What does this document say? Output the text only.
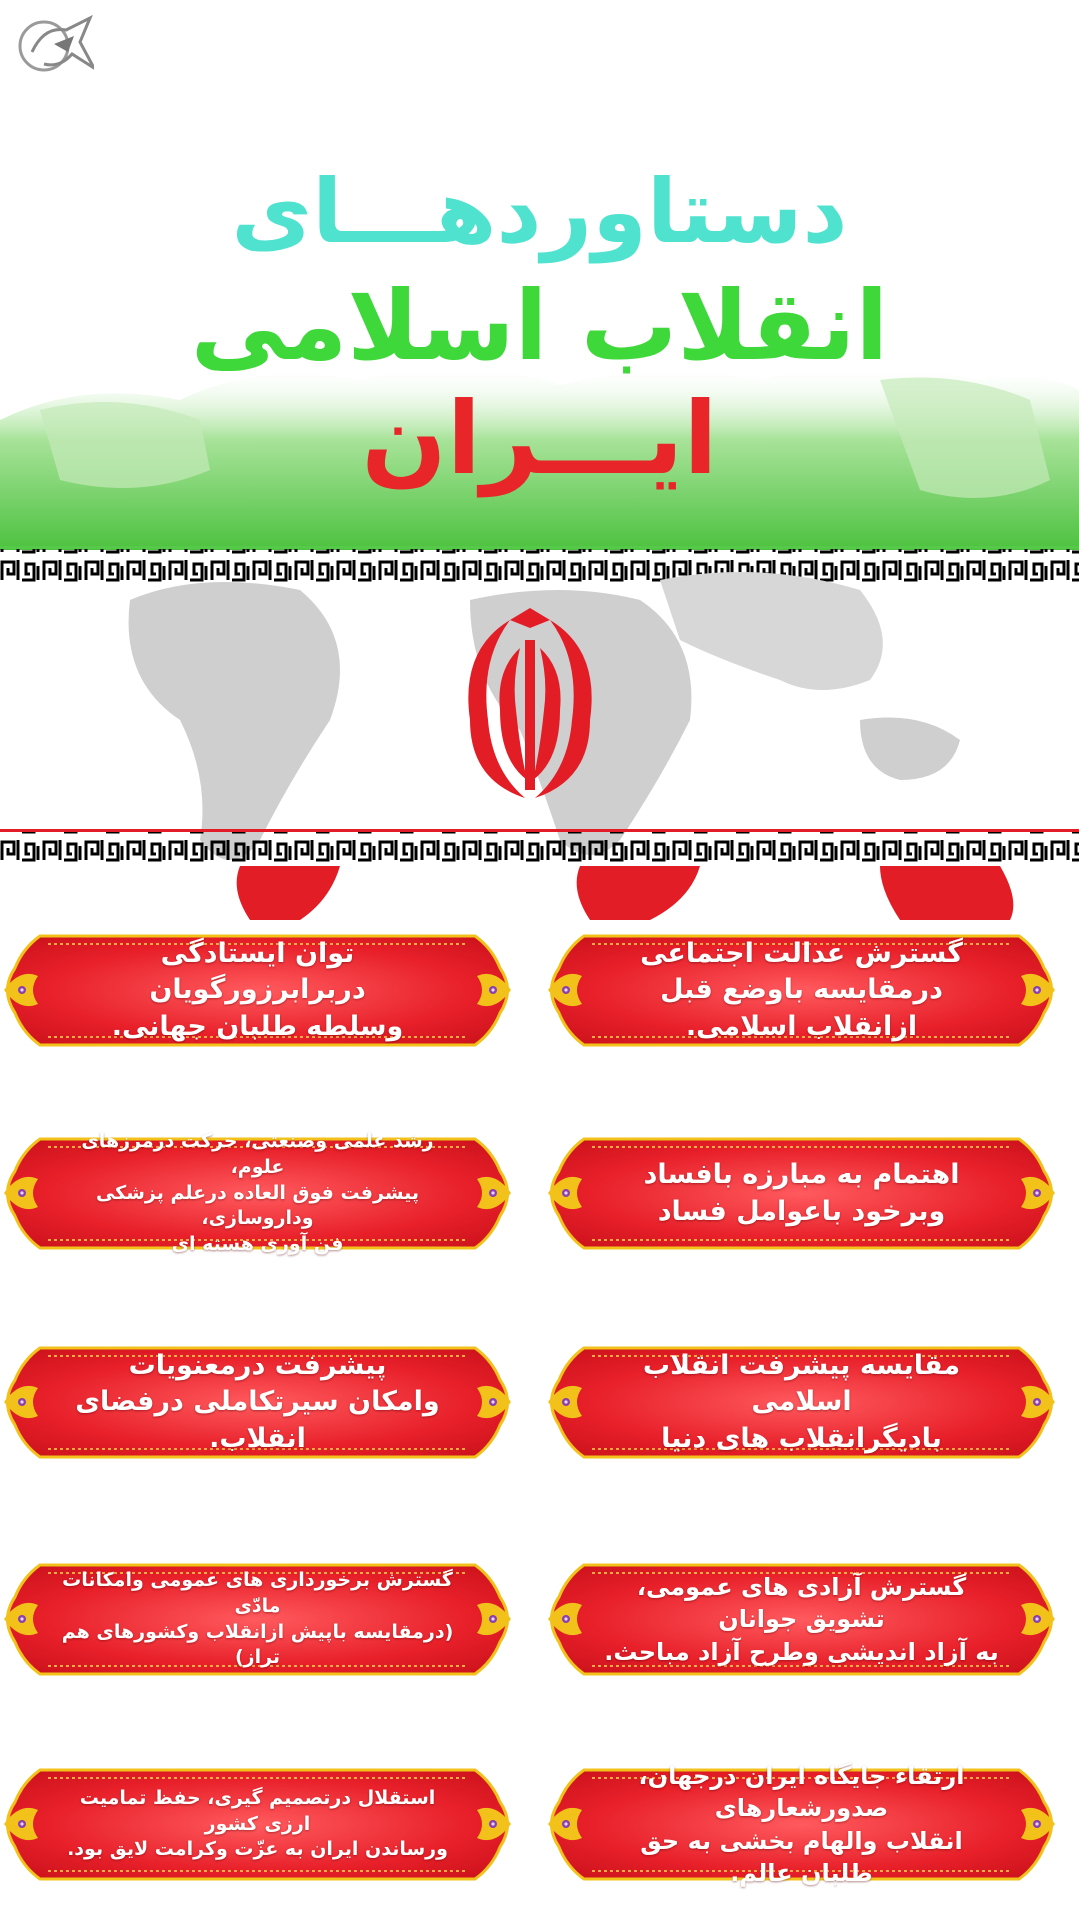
دستاوردهـــای
انقلاب اسلامی
ایـــران
گسترش عدالت اجتماعی
درمقایسه باوضع قبل ازانقلاب اسلامی.
توان ایستادگی دربرابرزورگویان
وسلطه طلبان جهانی.
اهتمام به مبارزه بافساد
وبرخود باعوامل فساد
رشد علمی وصنعتی، حرکت درمرزهای علوم،
پیشرفت فوق العاده درعلم پزشکی وداروسازی،
فن آوری هسته ای
مقایسه پیشرفت انقلاب اسلامی
بادیگرانقلاب های دنیا
پیشرفت درمعنویات
وامکان سیرتکاملی درفضای انقلاب.
گسترش آزادی های عمومی، تشویق جوانان
به آزاد اندیشی وطرح آزاد مباحث.
گسترش برخورداری های عمومی وامکانات مادّی
(درمقایسه باپیش ازانقلاب وکشورهای هم تراز)
ارتقاء جایگاه ایران درجهان، صدورشعارهای
انقلاب والهام بخشی به حق طلبان عالم.
استقلال درتصمیم گیری، حفظ تمامیت ارزی کشور
ورساندن ایران به عزّت وکرامت لایق بود.
